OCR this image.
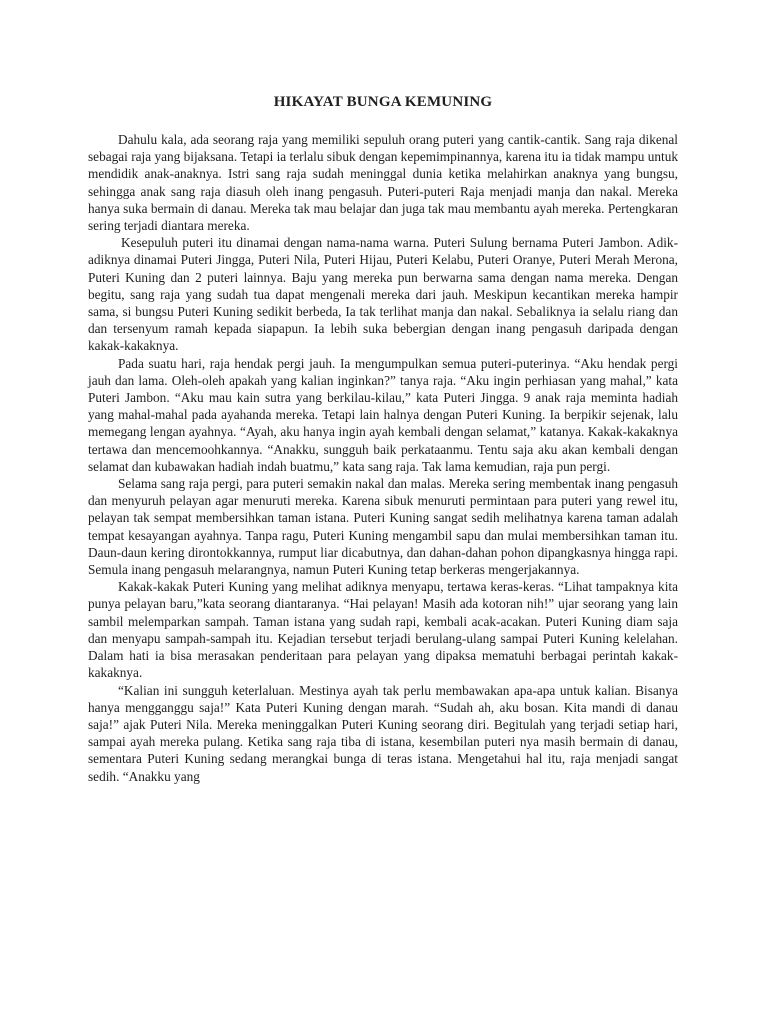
HIKAYAT BUNGA KEMUNING

Dahulu kala, ada seorang raja yang memiliki sepuluh orang puteri yang cantik-cantik. Sang raja dikenal sebagai raja yang bijaksana. Tetapi ia terlalu sibuk dengan kepemimpinannya, karena itu ia tidak mampu untuk mendidik anak-anaknya. Istri sang raja sudah meninggal dunia ketika melahirkan anaknya yang bungsu, sehingga anak sang raja diasuh oleh inang pengasuh. Puteri-puteri Raja menjadi manja dan nakal. Mereka hanya suka bermain di danau. Mereka tak mau belajar dan juga tak mau membantu ayah mereka. Pertengkaran sering terjadi diantara mereka.

Kesepuluh puteri itu dinamai dengan nama-nama warna. Puteri Sulung bernama Puteri Jambon. Adik-adiknya dinamai Puteri Jingga, Puteri Nila, Puteri Hijau, Puteri Kelabu, Puteri Oranye, Puteri Merah Merona, Puteri Kuning dan 2 puteri lainnya. Baju yang mereka pun berwarna sama dengan nama mereka. Dengan begitu, sang raja yang sudah tua dapat mengenali mereka dari jauh. Meskipun kecantikan mereka hampir sama, si bungsu Puteri Kuning sedikit berbeda, Ia tak terlihat manja dan nakal. Sebaliknya ia selalu riang dan dan tersenyum ramah kepada siapapun. Ia lebih suka bebergian dengan inang pengasuh daripada dengan kakak-kakaknya.

Pada suatu hari, raja hendak pergi jauh. Ia mengumpulkan semua puteri-puterinya. “Aku hendak pergi jauh dan lama. Oleh-oleh apakah yang kalian inginkan?” tanya raja. “Aku ingin perhiasan yang mahal,” kata Puteri Jambon. “Aku mau kain sutra yang berkilau-kilau,” kata Puteri Jingga. 9 anak raja meminta hadiah yang mahal-mahal pada ayahanda mereka. Tetapi lain halnya dengan Puteri Kuning. Ia berpikir sejenak, lalu memegang lengan ayahnya. “Ayah, aku hanya ingin ayah kembali dengan selamat,” katanya. Kakak-kakaknya tertawa dan mencemoohkannya. “Anakku, sungguh baik perkataanmu. Tentu saja aku akan kembali dengan selamat dan kubawakan hadiah indah buatmu,” kata sang raja. Tak lama kemudian, raja pun pergi.

Selama sang raja pergi, para puteri semakin nakal dan malas. Mereka sering membentak inang pengasuh dan menyuruh pelayan agar menuruti mereka. Karena sibuk menuruti permintaan para puteri yang rewel itu, pelayan tak sempat membersihkan taman istana. Puteri Kuning sangat sedih melihatnya karena taman adalah tempat kesayangan ayahnya. Tanpa ragu, Puteri Kuning mengambil sapu dan mulai membersihkan taman itu. Daun-daun kering dirontokkannya, rumput liar dicabutnya, dan dahan-dahan pohon dipangkasnya hingga rapi. Semula inang pengasuh melarangnya, namun Puteri Kuning tetap berkeras mengerjakannya.

Kakak-kakak Puteri Kuning yang melihat adiknya menyapu, tertawa keras-keras. “Lihat tampaknya kita punya pelayan baru,”kata seorang diantaranya. “Hai pelayan! Masih ada kotoran nih!” ujar seorang yang lain sambil melemparkan sampah. Taman istana yang sudah rapi, kembali acak-acakan. Puteri Kuning diam saja dan menyapu sampah-sampah itu. Kejadian tersebut terjadi berulang-ulang sampai Puteri Kuning kelelahan. Dalam hati ia bisa merasakan penderitaan para pelayan yang dipaksa mematuhi berbagai perintah kakak-kakaknya.

“Kalian ini sungguh keterlaluan. Mestinya ayah tak perlu membawakan apa-apa untuk kalian. Bisanya hanya mengganggu saja!” Kata Puteri Kuning dengan marah. “Sudah ah, aku bosan. Kita mandi di danau saja!” ajak Puteri Nila. Mereka meninggalkan Puteri Kuning seorang diri. Begitulah yang terjadi setiap hari, sampai ayah mereka pulang. Ketika sang raja tiba di istana, kesembilan puteri nya masih bermain di danau, sementara Puteri Kuning sedang merangkai bunga di teras istana. Mengetahui hal itu, raja menjadi sangat sedih. “Anakku yang
